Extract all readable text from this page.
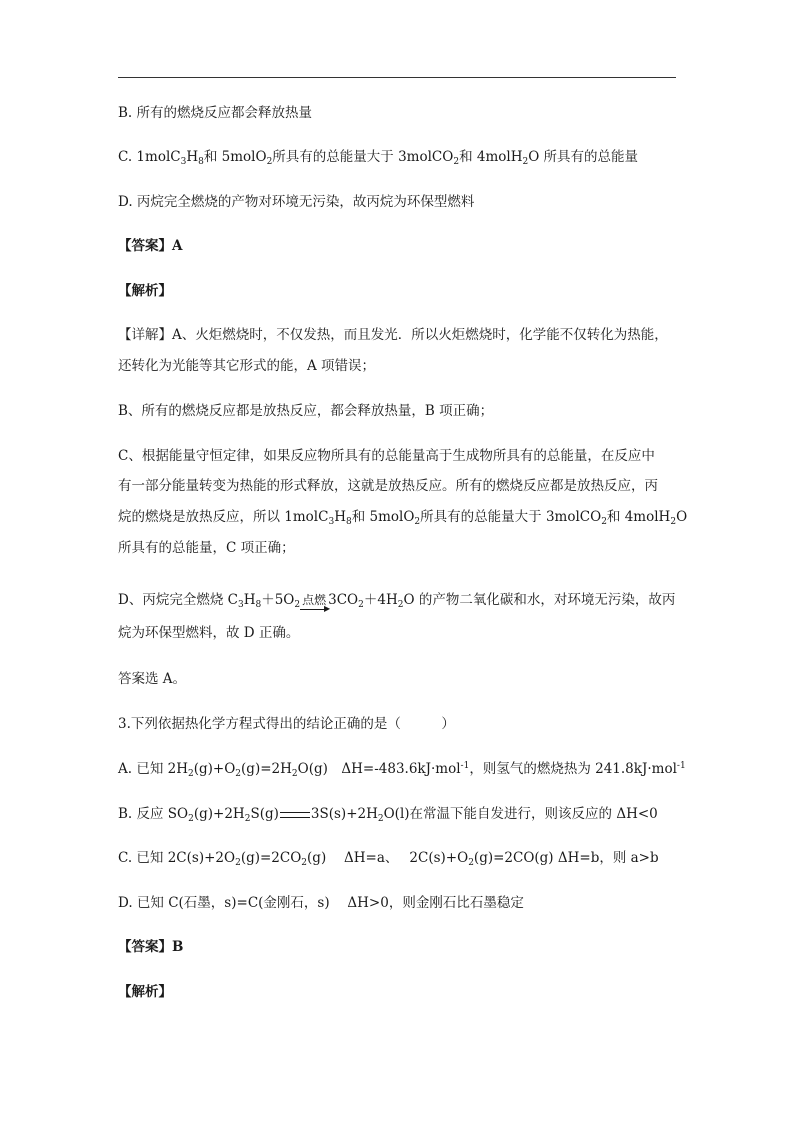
B. 所有的燃烧反应都会释放热量
C. $1molC_3H_8$和 5molO$_2$所具有的总能量大于 3molCO$_2$和 4molH$_2$O 所具有的总能量
D. 丙烷完全燃烧的产物对环境无污染，故丙烷为环保型燃料
【答案】A
【解析】
【详解】A、火炬燃烧时，不仅发热，而且发光．所以火炬燃烧时，化学能不仅转化为热能，
还转化为光能等其它形式的能，A 项错误；
B、所有的燃烧反应都是放热反应，都会释放热量，B 项正确；
C、根据能量守恒定律，如果反应物所具有的总能量高于生成物所具有的总能量，在反应中
有一部分能量转变为热能的形式释放，这就是放热反应。所有的燃烧反应都是放热反应，丙
烷的燃烧是放热反应，所以 $1molC_3H_8$和 5molO$_2$所具有的总能量大于 3molCO$_2$和 4molH$_2$O
所具有的总能量，C 项正确；
D、丙烷完全燃烧 $C_3H_8+5O_2$ 点燃
▶
$3CO_2+4H_2O$ 的产物二氧化碳和水，对环境无污染，故丙
烷为环保型燃料，故 D 正确。
答案选 A。
3.下列依据热化学方程式得出的结论正确的是（　　　）
A. 已知 $2H_2(g)+O_2(g)=2H_2O(g)$　ΔH=-483.6kJ·mol$^{-1}$，则氢气的燃烧热为 241.8kJ·mol$^{-1}$
B. 反应 $SO_2(g)+2H_2S(g)$ $3S(s)+2H_2O(l)$在常温下能自发进行，则该反应的 ΔH<0
C. 已知 $2C(s)+2O_2(g)=2CO_2(g)$　 ΔH=a、　 $2C(s)+O_2(g)=2CO(g)$ ΔH=b，则 a>b
D. 已知 C(石墨，s)=C(金刚石，s)　 ΔH>0，则金刚石比石墨稳定
【答案】B
【解析】
